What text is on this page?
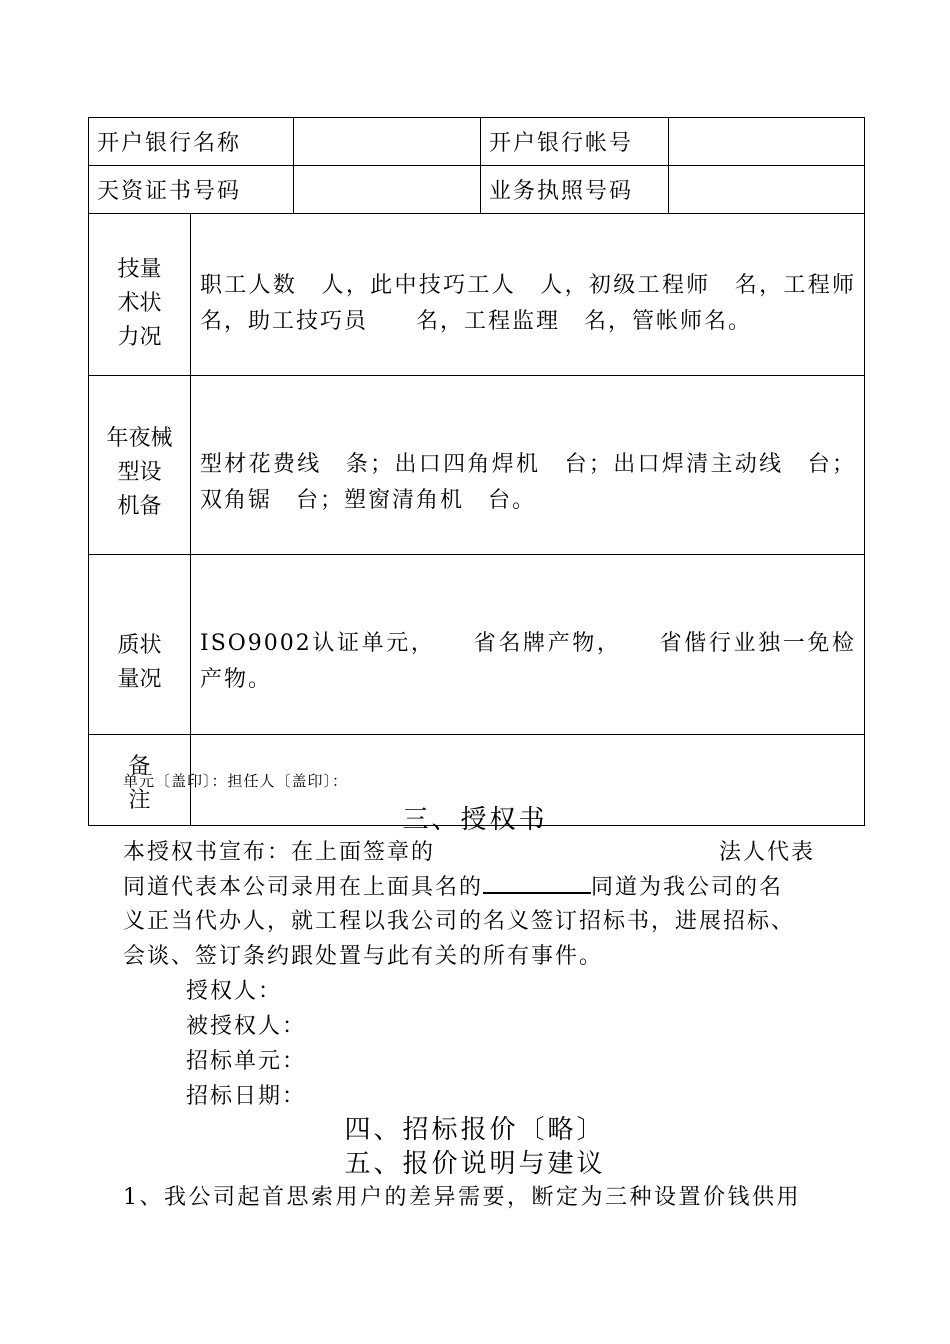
开户银行名称			开户银行帐号	
天资证书号码			业务执照号码	

技量
术状
力况	职工人数　人，此中技巧工人　人，初级工程师　名，工程师　名，助工技巧员　　名，工程监理　名，管帐师名。			

年夜械
型设
机备	型材花费线　条；出口四角焊机　台；出口焊清主动线　台；双角锯　台；塑窗清角机　台。			

质状
量况	ISO9002认证单元，　　省名牌产物，　　省偕行业独一免检产物。			

备
注				

单元〔盖印〕：担任人〔盖印〕：
三、授权书
本授权书宣布：在上面签章的	法人代表
同道代表本公司录用在上面具名的	同道为我公司的名
义正当代办人，就工程以我公司的名义签订招标书，进展招标、
会谈、签订条约跟处置与此有关的所有事件。
授权人：
被授权人：
招标单元：
招标日期：
四、招标报价〔略〕
五、报价说明与建议
1、我公司起首思索用户的差异需要，断定为三种设置价钱供用
